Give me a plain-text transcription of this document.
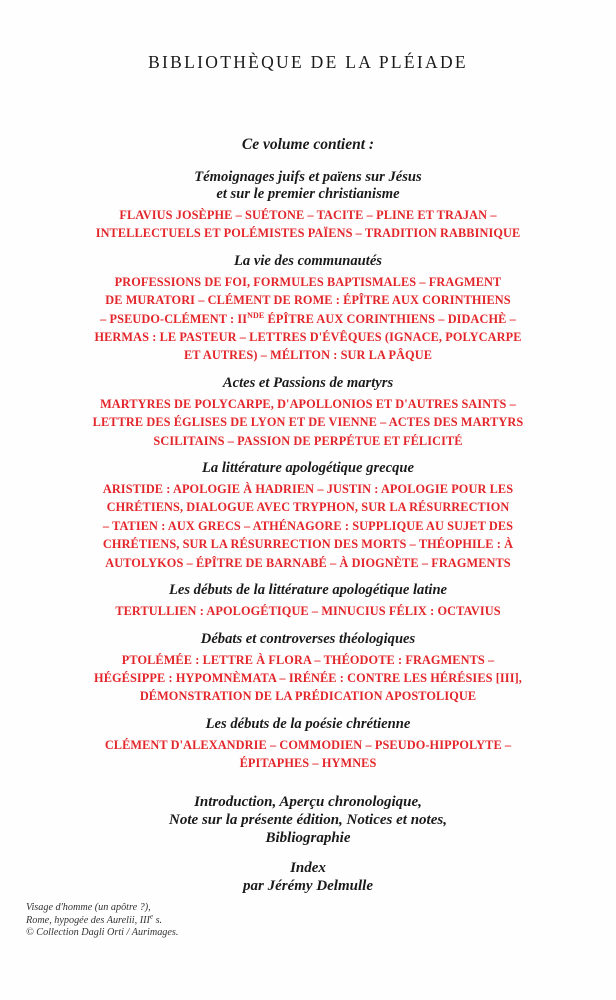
BIBLIOTHÈQUE DE LA PLÉIADE
Ce volume contient :
Témoignages juifs et païens sur Jésus
et sur le premier christianisme
FLAVIUS JOSÈPHE – SUÉTONE – TACITE – PLINE ET TRAJAN –
INTELLECTUELS ET POLÉMISTES PAÏENS – TRADITION RABBINIQUE
La vie des communautés
PROFESSIONS DE FOI, FORMULES BAPTISMALES – FRAGMENT
DE MURATORI – CLÉMENT DE ROME : ÉPÎTRE AUX CORINTHIENS
– PSEUDO-CLÉMENT : IINDE ÉPÎTRE AUX CORINTHIENS – DIDACHÈ –
HERMAS : LE PASTEUR – LETTRES D'ÉVÊQUES (IGNACE, POLYCARPE
ET AUTRES) – MÉLITON : SUR LA PÂQUE
Actes et Passions de martyrs
MARTYRES DE POLYCARPE, D'APOLLONIOS ET D'AUTRES SAINTS –
LETTRE DES ÉGLISES DE LYON ET DE VIENNE – ACTES DES MARTYRS
SCILITAINS – PASSION DE PERPÉTUE ET FÉLICITÉ
La littérature apologétique grecque
ARISTIDE : APOLOGIE À HADRIEN – JUSTIN : APOLOGIE POUR LES
CHRÉTIENS, DIALOGUE AVEC TRYPHON, SUR LA RÉSURRECTION
– TATIEN : AUX GRECS – ATHÉNAGORE : SUPPLIQUE AU SUJET DES
CHRÉTIENS, SUR LA RÉSURRECTION DES MORTS – THÉOPHILE : À
AUTOLYKOS – ÉPÎTRE DE BARNABÉ – À DIOGNÈTE – FRAGMENTS
Les débuts de la littérature apologétique latine
TERTULLIEN : APOLOGÉTIQUE – MINUCIUS FÉLIX : OCTAVIUS
Débats et controverses théologiques
PTOLÉMÉE : LETTRE À FLORA – THÉODOTE : FRAGMENTS –
HÉGÉSIPPE : HYPOMNÈMATA – IRÉNÉE : CONTRE LES HÉRÉSIES [III],
DÉMONSTRATION DE LA PRÉDICATION APOSTOLIQUE
Les débuts de la poésie chrétienne
CLÉMENT D'ALEXANDRIE – COMMODIEN – PSEUDO-HIPPOLYTE –
ÉPITAPHES – HYMNES
Introduction, Aperçu chronologique,
Note sur la présente édition, Notices et notes,
Bibliographie
Index
par Jérémy Delmulle
Visage d'homme (un apôtre ?),
Rome, hypogée des Aurelii, IIIe s.
© Collection Dagli Orti / Aurimages.
